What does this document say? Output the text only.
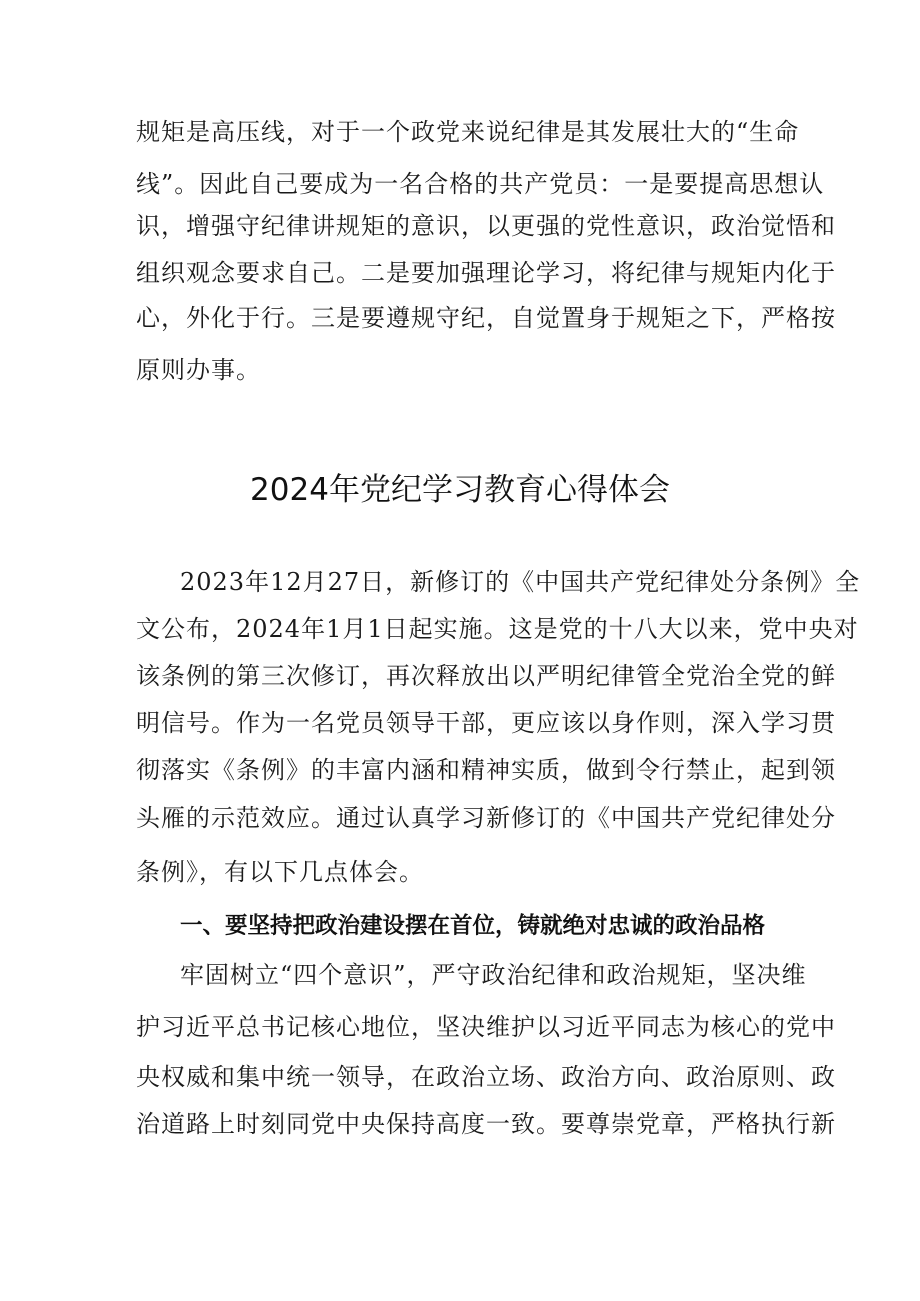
规矩是高压线，对于一个政党来说纪律是其发展壮大的“生命
线”。因此自己要成为一名合格的共产党员：一是要提高思想认
识，增强守纪律讲规矩的意识，以更强的党性意识，政治觉悟和
组织观念要求自己。二是要加强理论学习，将纪律与规矩内化于
心，外化于行。三是要遵规守纪，自觉置身于规矩之下，严格按
原则办事。
2024年党纪学习教育心得体会
2023年12月27日，新修订的《中国共产党纪律处分条例》全
文公布，2024年1月1日起实施。这是党的十八大以来，党中央对
该条例的第三次修订，再次释放出以严明纪律管全党治全党的鲜
明信号。作为一名党员领导干部，更应该以身作则，深入学习贯
彻落实《条例》的丰富内涵和精神实质，做到令行禁止，起到领
头雁的示范效应。通过认真学习新修订的《中国共产党纪律处分
条例》，有以下几点体会。
一、要坚持把政治建设摆在首位，铸就绝对忠诚的政治品格
牢固树立“四个意识”，严守政治纪律和政治规矩，坚决维
护习近平总书记核心地位，坚决维护以习近平同志为核心的党中
央权威和集中统一领导，在政治立场、政治方向、政治原则、政
治道路上时刻同党中央保持高度一致。要尊崇党章，严格执行新
